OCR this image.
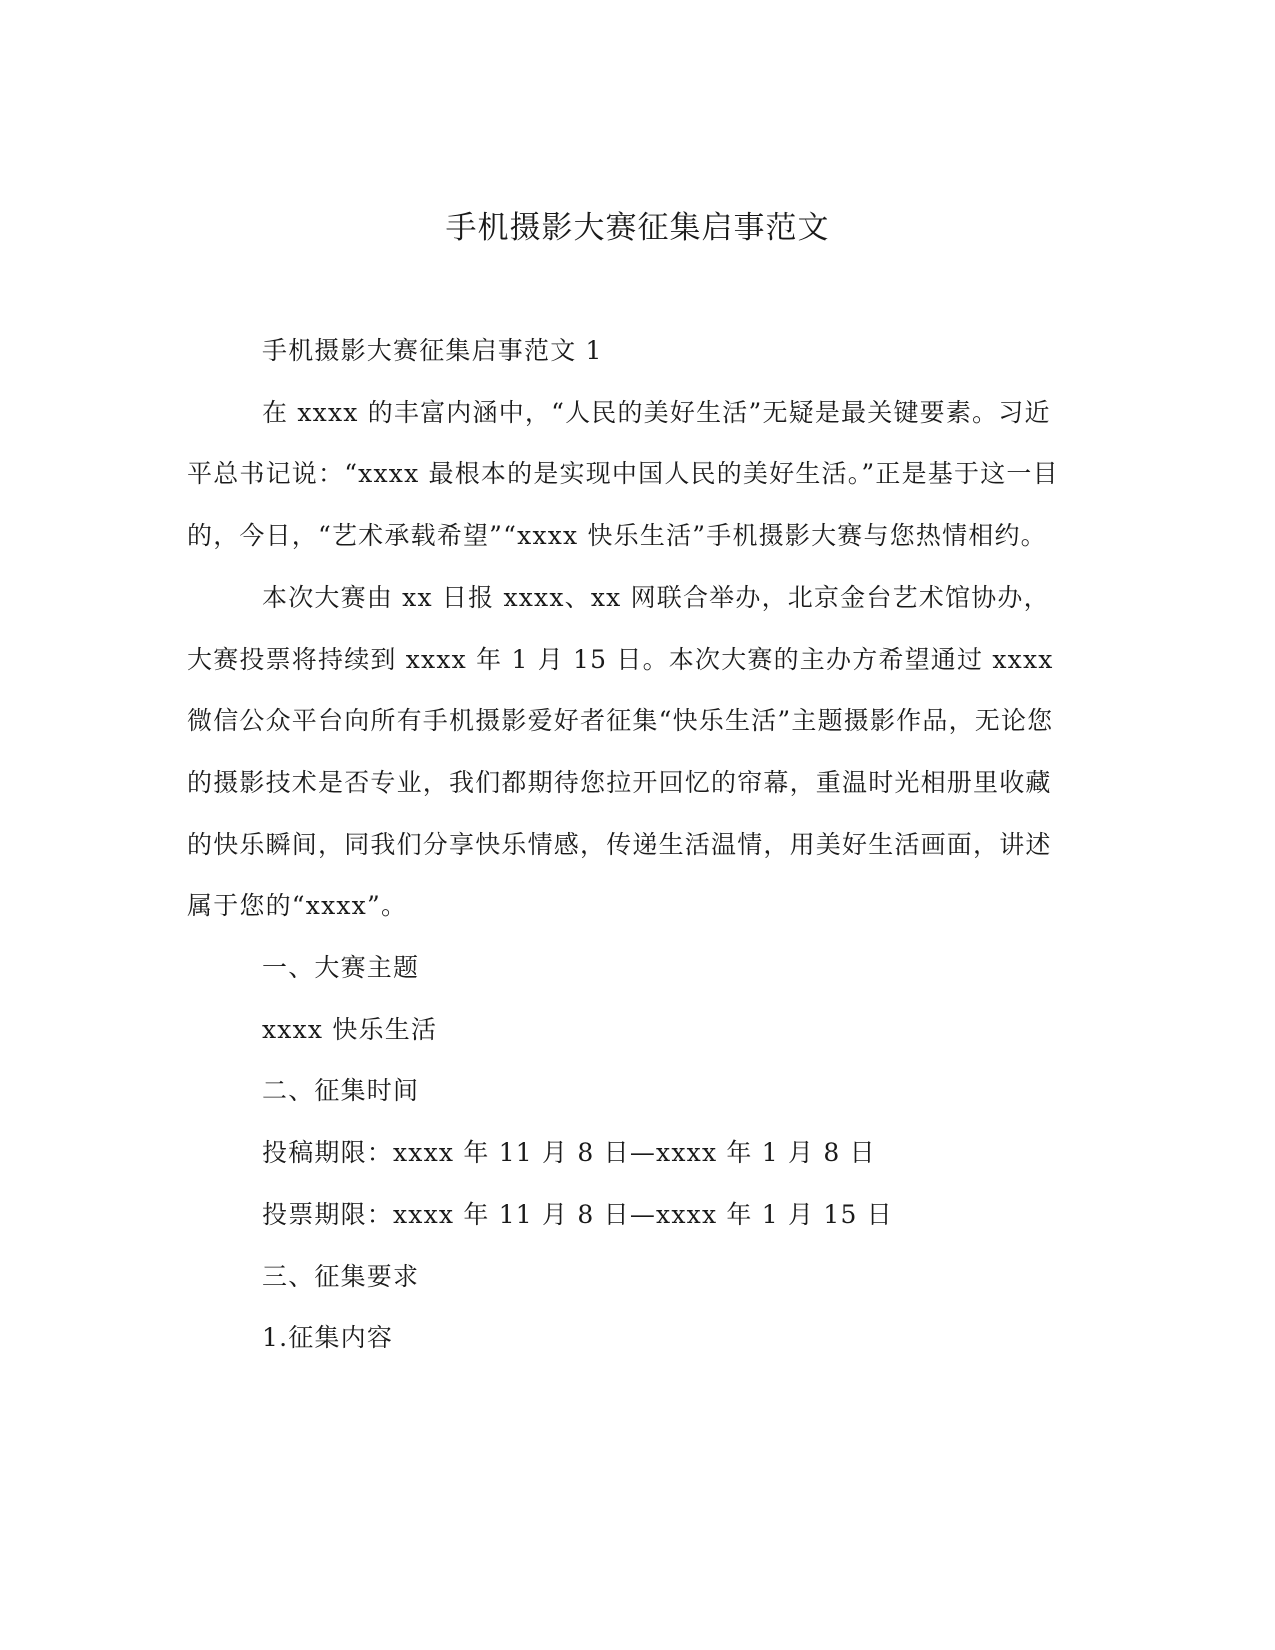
手机摄影大赛征集启事范文

手机摄影大赛征集启事范文 1

在 xxxx 的丰富内涵中，“人民的美好生活”无疑是最关键要素。习近平总书记说：“xxxx 最根本的是实现中国人民的美好生活。”正是基于这一目的，今日，“艺术承载希望”“xxxx 快乐生活”手机摄影大赛与您热情相约。

本次大赛由 xx 日报 xxxx、xx 网联合举办，北京金台艺术馆协办，大赛投票将持续到 xxxx 年 1 月 15 日。本次大赛的主办方希望通过 xxxx 微信公众平台向所有手机摄影爱好者征集“快乐生活”主题摄影作品，无论您的摄影技术是否专业，我们都期待您拉开回忆的帘幕，重温时光相册里收藏的快乐瞬间，同我们分享快乐情感，传递生活温情，用美好生活画面，讲述属于您的“xxxx”。

一、大赛主题

xxxx 快乐生活

二、征集时间

投稿期限：xxxx 年 11 月 8 日—xxxx 年 1 月 8 日

投票期限：xxxx 年 11 月 8 日—xxxx 年 1 月 15 日

三、征集要求

1.征集内容
